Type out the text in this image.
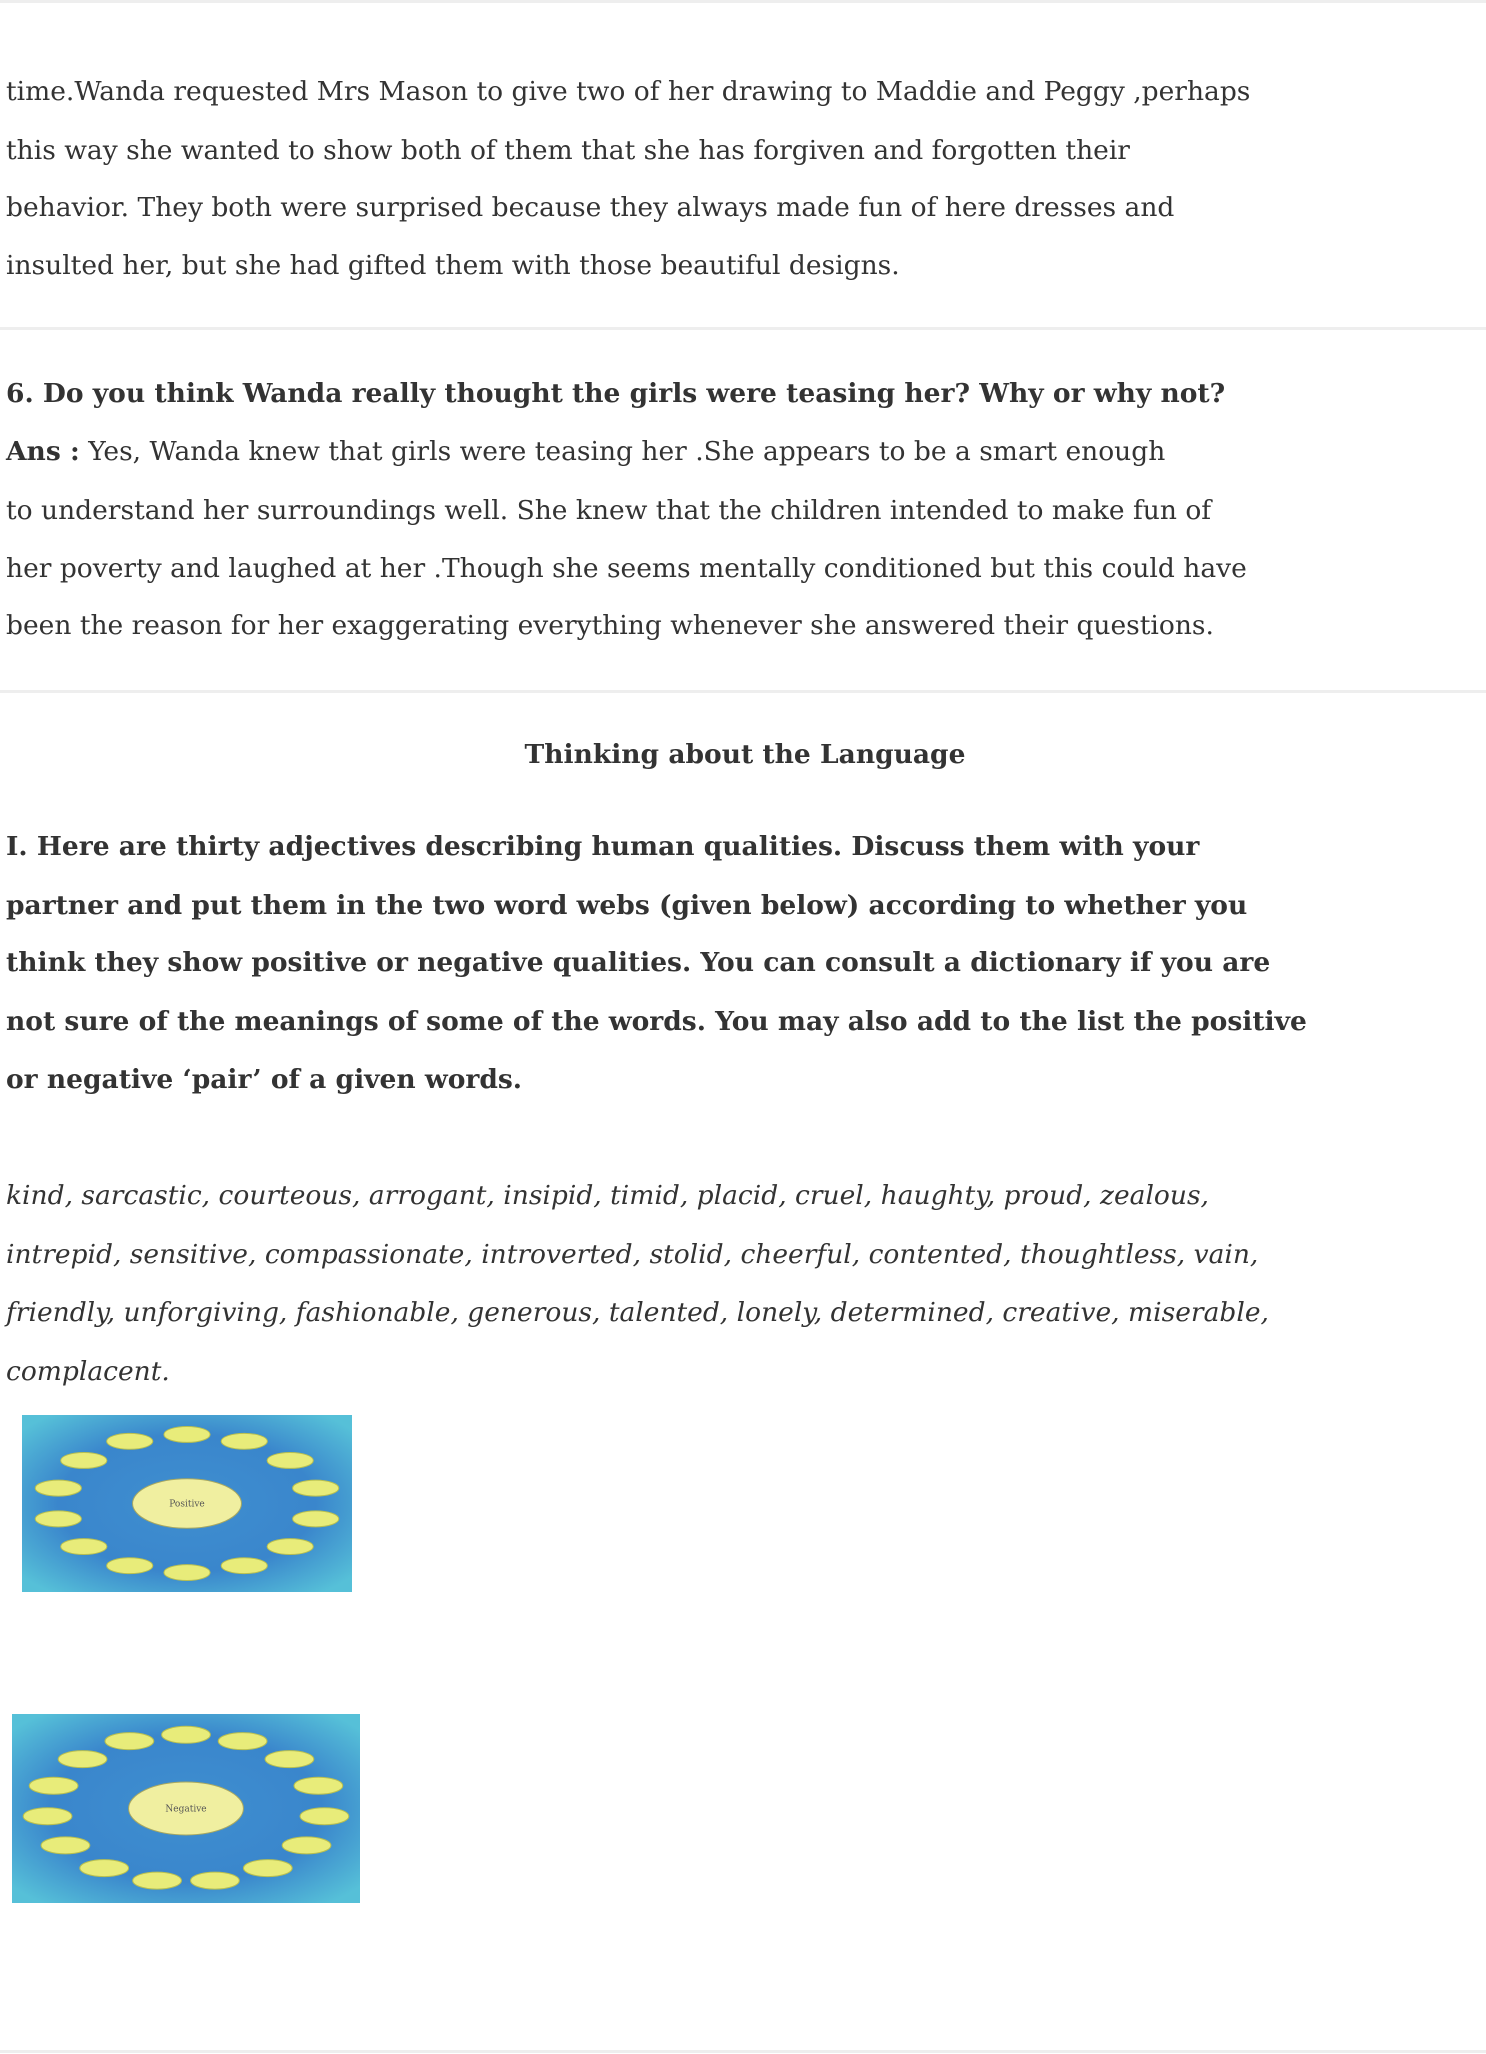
time.Wanda requested Mrs Mason to give two of her drawing to Maddie and Peggy ,perhaps
this way she wanted to show both of them that she has forgiven and forgotten their
behavior. They both were surprised because they always made fun of here dresses and
insulted her, but she had gifted them with those beautiful designs.
6. Do you think Wanda really thought the girls were teasing her? Why or why not?
Ans : Yes, Wanda knew that girls were teasing her .She appears to be a smart enough
to understand her surroundings well. She knew that the children intended to make fun of
her poverty and laughed at her .Though she seems mentally conditioned but this could have
been the reason for her exaggerating everything whenever she answered their questions.
Thinking about the Language
I. Here are thirty adjectives describing human qualities. Discuss them with your
partner and put them in the two word webs (given below) according to whether you
think they show positive or negative qualities. You can consult a dictionary if you are
not sure of the meanings of some of the words. You may also add to the list the positive
or negative ‘pair’ of a given words.
kind, sarcastic, courteous, arrogant, insipid, timid, placid, cruel, haughty, proud, zealous,
intrepid, sensitive, compassionate, introverted, stolid, cheerful, contented, thoughtless, vain,
friendly, unforgiving, fashionable, generous, talented, lonely, determined, creative, miserable,
complacent.
Positive
Negative
